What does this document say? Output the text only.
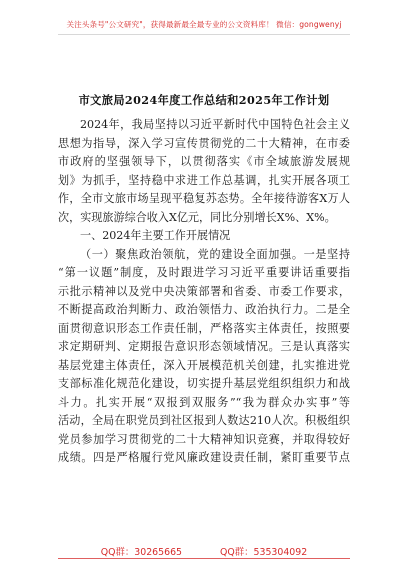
关注头条号"公文研究"，获得最新最全最专业的公文资料库！ 微信：gongwenyj
市文旅局2024年度工作总结和2025年工作计划
2024年，我局坚持以习近平新时代中国特色社会主义
思想为指导，深入学习宣传贯彻党的二十大精神，在市委
市政府的坚强领导下，以贯彻落实《市全域旅游发展规
划》为抓手，坚持稳中求进工作总基调，扎实开展各项工
作，全市文旅市场呈现平稳复苏态势。全年接待游客X万人
次，实现旅游综合收入X亿元，同比分别增长X%、X%。
一、2024年主要工作开展情况
（一）聚焦政治领航，党的建设全面加强。一是坚持
“第一议题”制度，及时跟进学习习近平重要讲话重要指
示批示精神以及党中央决策部署和省委、市委工作要求，
不断提高政治判断力、政治领悟力、政治执行力。二是全
面贯彻意识形态工作责任制，严格落实主体责任，按照要
求定期研判、定期报告意识形态领域情况。三是认真落实
基层党建主体责任，深入开展模范机关创建，扎实推进党
支部标准化规范化建设，切实提升基层党组织组织力和战
斗力。扎实开展“双报到双服务”“我为群众办实事”等
活动，全局在职党员到社区报到人数达210人次。积极组织
党员参加学习贯彻党的二十大精神知识竞赛，并取得较好
成绩。四是严格履行党风廉政建设责任制，紧盯重要节点
QQ群：30265665	QQ群：535304092
